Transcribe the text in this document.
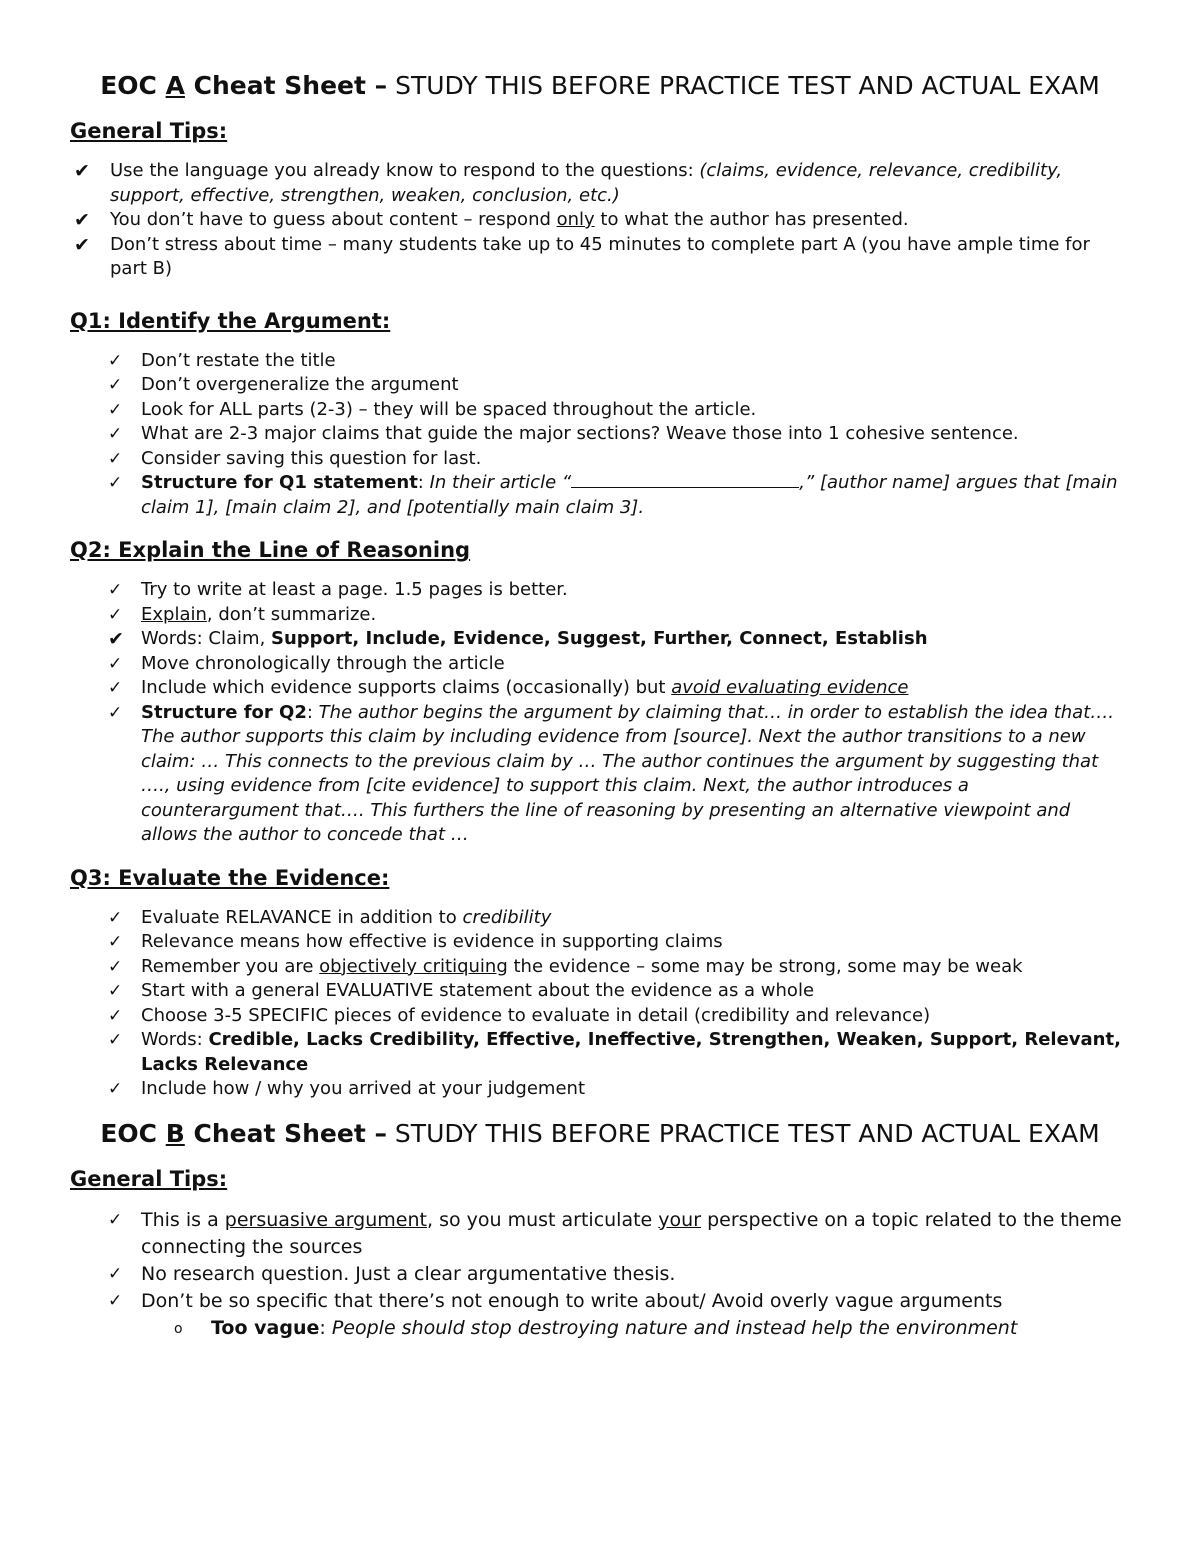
EOC A Cheat Sheet – STUDY THIS BEFORE PRACTICE TEST AND ACTUAL EXAM
General Tips:
✔ Use the language you already know to respond to the questions: (claims, evidence, relevance, credibility, support, effective, strengthen, weaken, conclusion, etc.)
✔ You don’t have to guess about content – respond only to what the author has presented.
✔ Don’t stress about time – many students take up to 45 minutes to complete part A (you have ample time for part B)
Q1: Identify the Argument:
✓ Don’t restate the title
✓ Don’t overgeneralize the argument
✓ Look for ALL parts (2-3) – they will be spaced throughout the article.
✓ What are 2-3 major claims that guide the major sections? Weave those into 1 cohesive sentence.
✓ Consider saving this question for last.
✓ Structure for Q1 statement: In their article “	,” [author name] argues that [main claim 1], [main claim 2], and [potentially main claim 3].
Q2: Explain the Line of Reasoning
✓ Try to write at least a page. 1.5 pages is better.
✓ Explain, don’t summarize.
✔ Words: Claim, Support, Include, Evidence, Suggest, Further, Connect, Establish
✓ Move chronologically through the article
✓ Include which evidence supports claims (occasionally) but avoid evaluating evidence
✓ Structure for Q2: The author begins the argument by claiming that… in order to establish the idea that…. The author supports this claim by including evidence from [source]. Next the author transitions to a new claim: … This connects to the previous claim by … The author continues the argument by suggesting that …., using evidence from [cite evidence] to support this claim. Next, the author introduces a counterargument that…. This furthers the line of reasoning by presenting an alternative viewpoint and allows the author to concede that …
Q3: Evaluate the Evidence:
✓ Evaluate RELAVANCE in addition to credibility
✓ Relevance means how effective is evidence in supporting claims
✓ Remember you are objectively critiquing the evidence – some may be strong, some may be weak
✓ Start with a general EVALUATIVE statement about the evidence as a whole
✓ Choose 3-5 SPECIFIC pieces of evidence to evaluate in detail (credibility and relevance)
✓ Words: Credible, Lacks Credibility, Effective, Ineffective, Strengthen, Weaken, Support, Relevant, Lacks Relevance
✓ Include how / why you arrived at your judgement
EOC B Cheat Sheet – STUDY THIS BEFORE PRACTICE TEST AND ACTUAL EXAM
General Tips:
✓ This is a persuasive argument, so you must articulate your perspective on a topic related to the theme connecting the sources
✓ No research question. Just a clear argumentative thesis.
✓ Don’t be so specific that there’s not enough to write about/ Avoid overly vague arguments
o Too vague: People should stop destroying nature and instead help the environment
